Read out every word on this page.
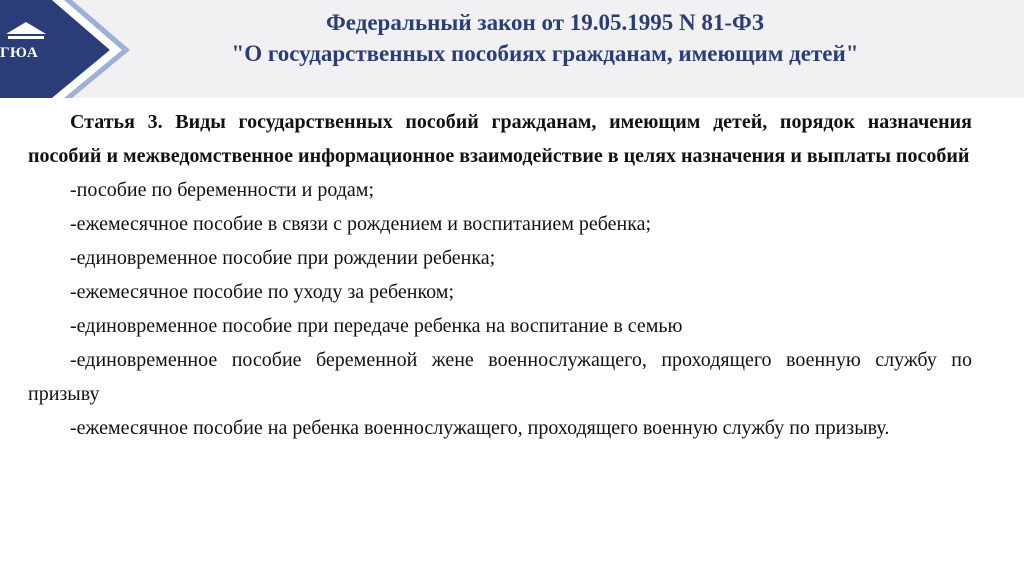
ГЮА
Федеральный закон от 19.05.1995 N 81-ФЗ
"О государственных пособиях гражданам, имеющим детей"
Статья 3. Виды государственных пособий гражданам, имеющим детей, порядок назначения пособий и межведомственное информационное взаимодействие в целях назначения и выплаты пособий
-пособие по беременности и родам;
-ежемесячное пособие в связи с рождением и воспитанием ребенка;
-единовременное пособие при рождении ребенка;
-ежемесячное пособие по уходу за ребенком;
-единовременное пособие при передаче ребенка на воспитание в семью
-единовременное пособие беременной жене военнослужащего, проходящего военную службу по призыву
-ежемесячное пособие на ребенка военнослужащего, проходящего военную службу по призыву.
